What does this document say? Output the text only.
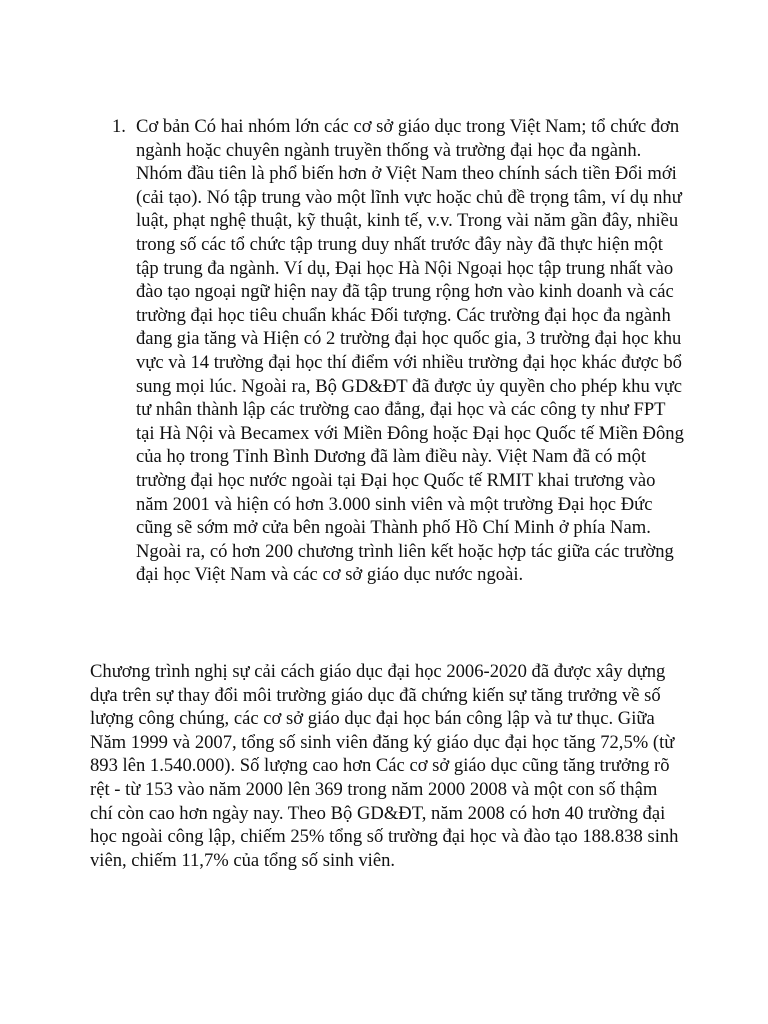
1. Cơ bản Có hai nhóm lớn các cơ sở giáo dục trong Việt Nam; tổ chức đơn ngành hoặc chuyên ngành truyền thống và trường đại học đa ngành. Nhóm đầu tiên là phổ biến hơn ở Việt Nam theo chính sách tiền Đổi mới (cải tạo). Nó tập trung vào một lĩnh vực hoặc chủ đề trọng tâm, ví dụ như luật, phạt nghệ thuật, kỹ thuật, kinh tế, v.v. Trong vài năm gần đây, nhiều trong số các tổ chức tập trung duy nhất trước đây này đã thực hiện một tập trung đa ngành. Ví dụ, Đại học Hà Nội Ngoại học tập trung nhất vào đào tạo ngoại ngữ hiện nay đã tập trung rộng hơn vào kinh doanh và các trường đại học tiêu chuẩn khác Đối tượng. Các trường đại học đa ngành đang gia tăng và Hiện có 2 trường đại học quốc gia, 3 trường đại học khu vực và 14 trường đại học thí điểm với nhiều trường đại học khác được bổ sung mọi lúc. Ngoài ra, Bộ GD&ĐT đã được ủy quyền cho phép khu vực tư nhân thành lập các trường cao đẳng, đại học và các công ty như FPT tại Hà Nội và Becamex với Miền Đông hoặc Đại học Quốc tế Miền Đông của họ trong Tỉnh Bình Dương đã làm điều này. Việt Nam đã có một trường đại học nước ngoài tại Đại học Quốc tế RMIT khai trương vào năm 2001 và hiện có hơn 3.000 sinh viên và một trường Đại học Đức cũng sẽ sớm mở cửa bên ngoài Thành phố Hồ Chí Minh ở phía Nam. Ngoài ra, có hơn 200 chương trình liên kết hoặc hợp tác giữa các trường đại học Việt Nam và các cơ sở giáo dục nước ngoài.

Chương trình nghị sự cải cách giáo dục đại học 2006-2020 đã được xây dựng dựa trên sự thay đổi môi trường giáo dục đã chứng kiến sự tăng trưởng về số lượng công chúng, các cơ sở giáo dục đại học bán công lập và tư thục. Giữa Năm 1999 và 2007, tổng số sinh viên đăng ký giáo dục đại học tăng 72,5% (từ 893 lên 1.540.000). Số lượng cao hơn Các cơ sở giáo dục cũng tăng trưởng rõ rệt - từ 153 vào năm 2000 lên 369 trong năm 2000 2008 và một con số thậm chí còn cao hơn ngày nay. Theo Bộ GD&ĐT, năm 2008 có hơn 40 trường đại học ngoài công lập, chiếm 25% tổng số trường đại học và đào tạo 188.838 sinh viên, chiếm 11,7% của tổng số sinh viên.
